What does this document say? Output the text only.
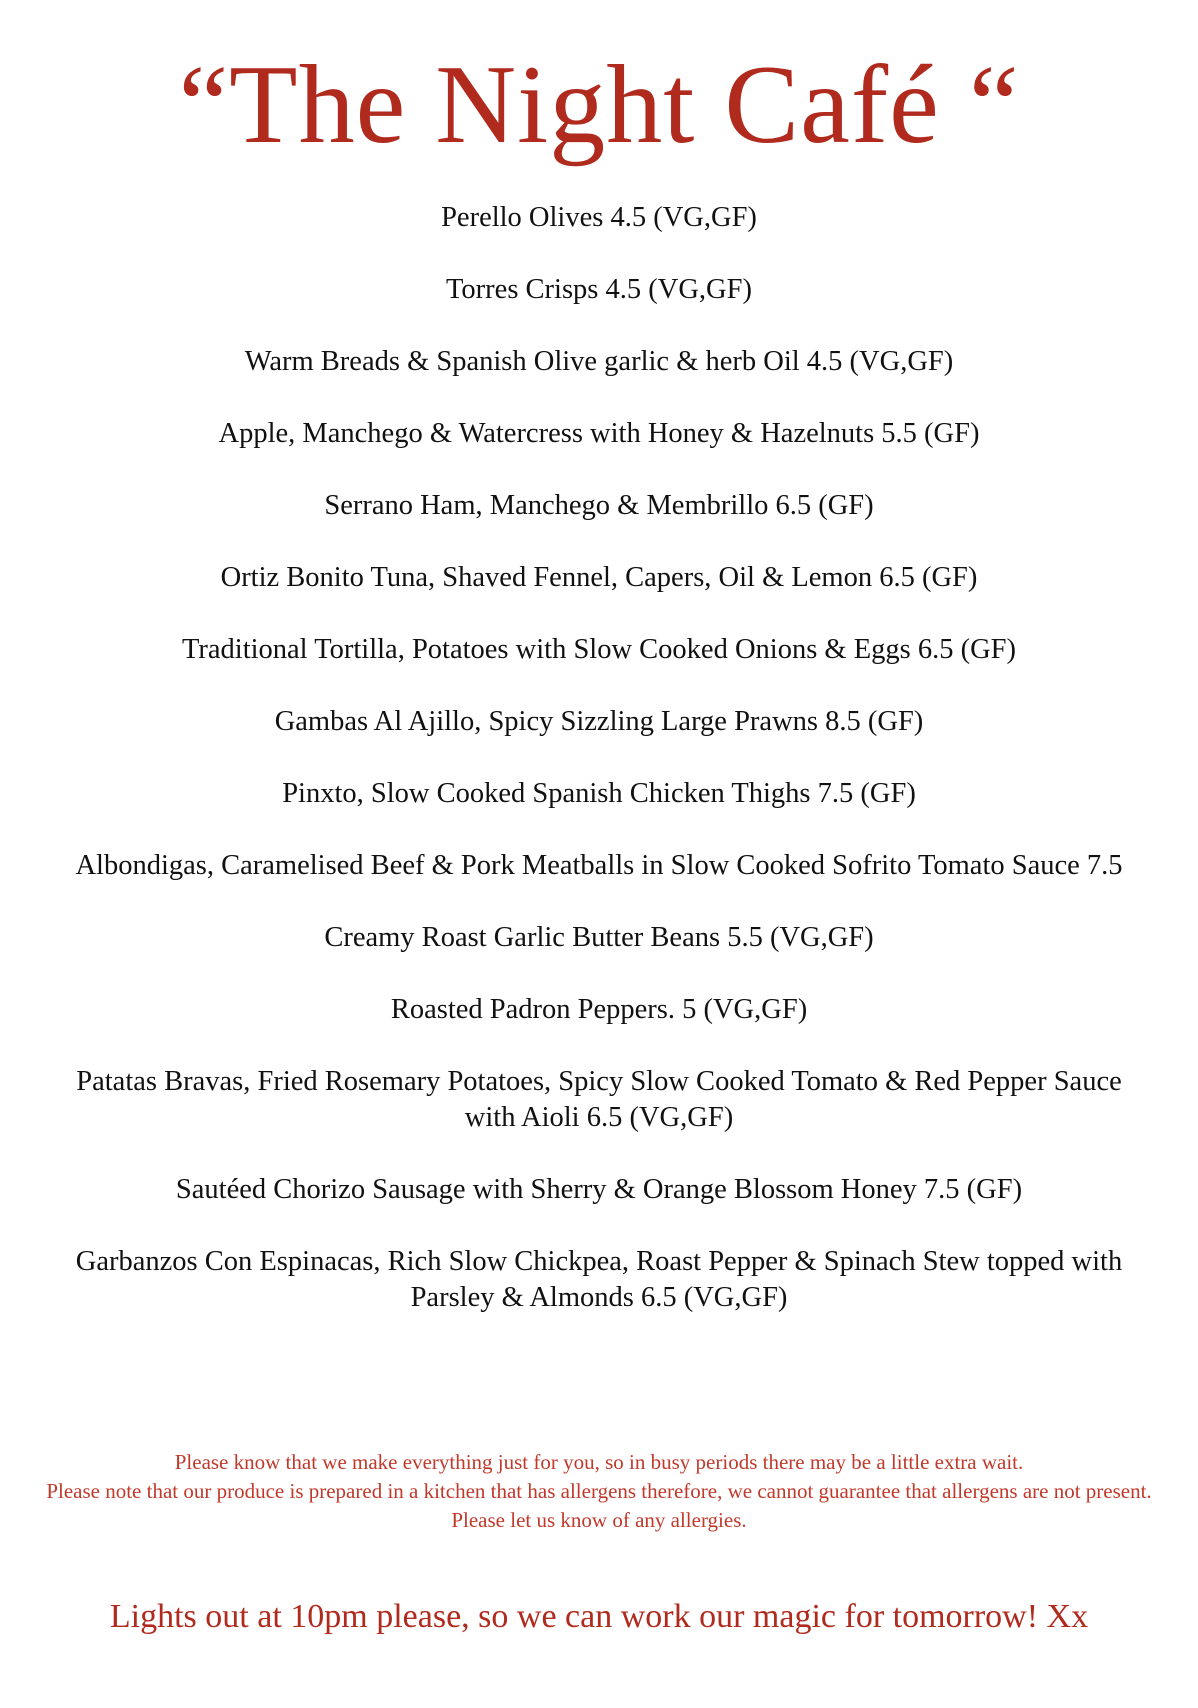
“The Night Café “
Perello Olives 4.5 (VG,GF)
Torres Crisps 4.5 (VG,GF)
Warm Breads & Spanish Olive garlic & herb Oil 4.5 (VG,GF)
Apple, Manchego & Watercress with Honey & Hazelnuts 5.5 (GF)
Serrano Ham, Manchego & Membrillo 6.5 (GF)
Ortiz Bonito Tuna, Shaved Fennel, Capers, Oil & Lemon 6.5 (GF)
Traditional Tortilla, Potatoes with Slow Cooked Onions & Eggs 6.5 (GF)
Gambas Al Ajillo, Spicy Sizzling Large Prawns 8.5 (GF)
Pinxto, Slow Cooked Spanish Chicken Thighs 7.5 (GF)
Albondigas, Caramelised Beef & Pork Meatballs in Slow Cooked Sofrito Tomato Sauce 7.5
Creamy Roast Garlic Butter Beans 5.5 (VG,GF)
Roasted Padron Peppers. 5 (VG,GF)
Patatas Bravas, Fried Rosemary Potatoes, Spicy Slow Cooked Tomato & Red Pepper Sauce with Aioli 6.5 (VG,GF)
Sautéed Chorizo Sausage with Sherry & Orange Blossom Honey 7.5 (GF)
Garbanzos Con Espinacas, Rich Slow Chickpea, Roast Pepper & Spinach Stew topped with Parsley & Almonds 6.5 (VG,GF)
Please know that we make everything just for you, so in busy periods there may be a little extra wait.
Please note that our produce is prepared in a kitchen that has allergens therefore, we cannot guarantee that allergens are not present.
Please let us know of any allergies.
Lights out at 10pm please, so we can work our magic for tomorrow! Xx
